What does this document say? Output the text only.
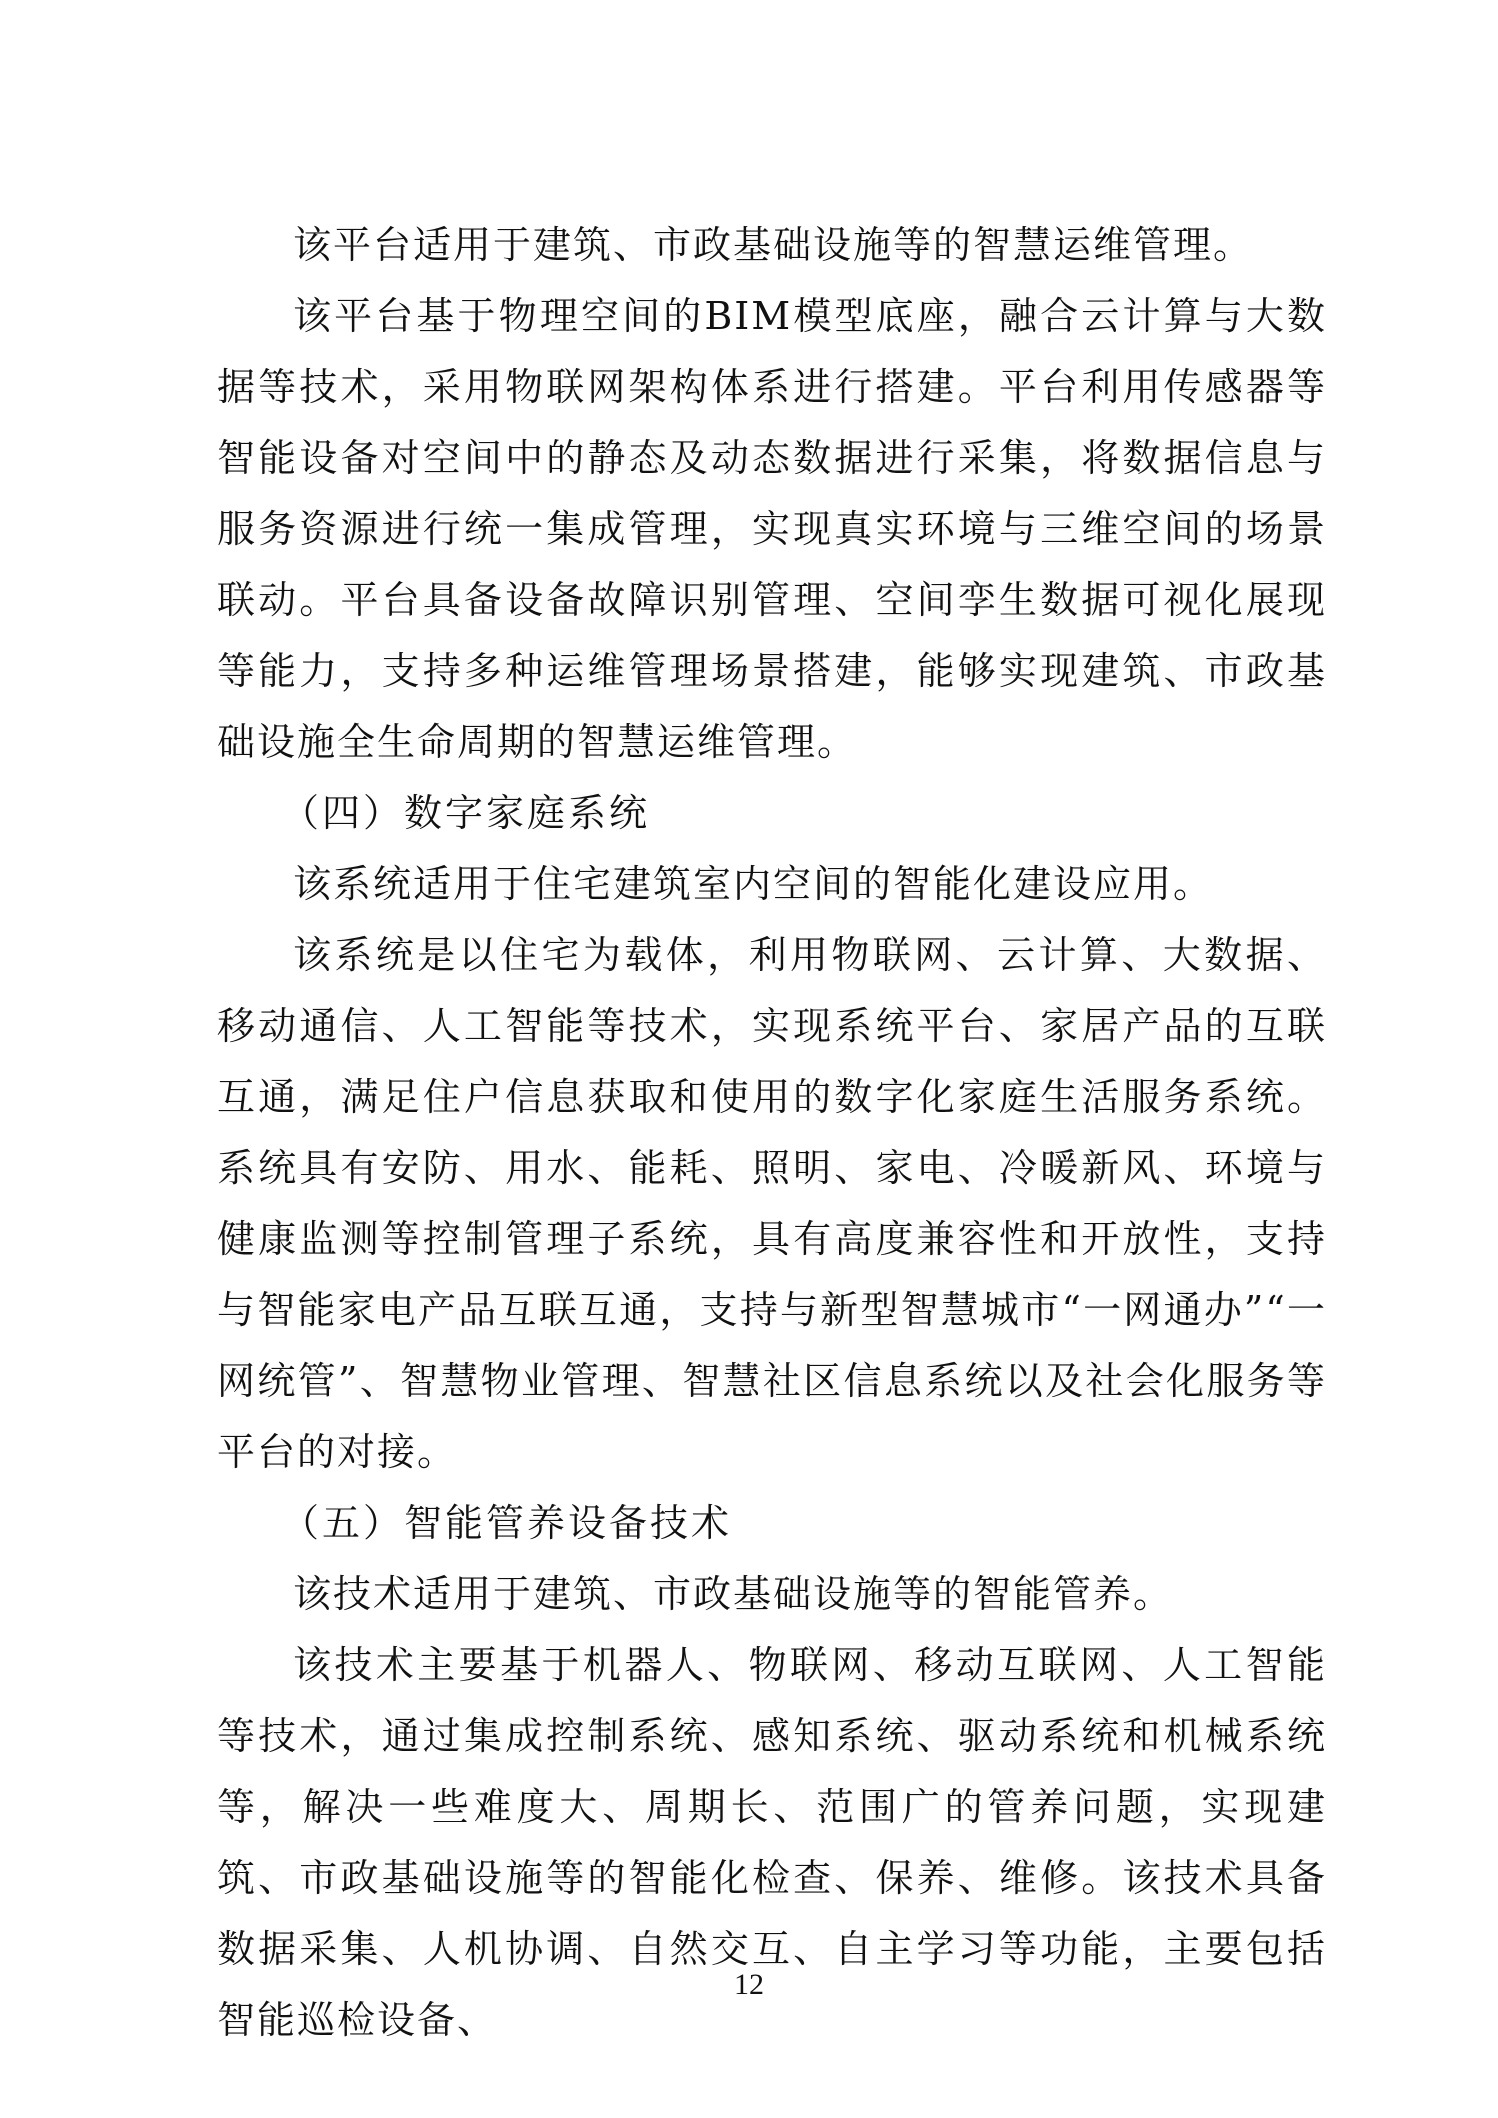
该平台适用于建筑、市政基础设施等的智慧运维管理。

该平台基于物理空间的BIM模型底座，融合云计算与大数据等技术，采用物联网架构体系进行搭建。平台利用传感器等智能设备对空间中的静态及动态数据进行采集，将数据信息与服务资源进行统一集成管理，实现真实环境与三维空间的场景联动。平台具备设备故障识别管理、空间孪生数据可视化展现等能力，支持多种运维管理场景搭建，能够实现建筑、市政基础设施全生命周期的智慧运维管理。

（四）数字家庭系统

该系统适用于住宅建筑室内空间的智能化建设应用。

该系统是以住宅为载体，利用物联网、云计算、大数据、移动通信、人工智能等技术，实现系统平台、家居产品的互联互通，满足住户信息获取和使用的数字化家庭生活服务系统。系统具有安防、用水、能耗、照明、家电、冷暖新风、环境与健康监测等控制管理子系统，具有高度兼容性和开放性，支持与智能家电产品互联互通，支持与新型智慧城市“一网通办”“一网统管”、智慧物业管理、智慧社区信息系统以及社会化服务等平台的对接。

（五）智能管养设备技术

该技术适用于建筑、市政基础设施等的智能管养。

该技术主要基于机器人、物联网、移动互联网、人工智能等技术，通过集成控制系统、感知系统、驱动系统和机械系统等，解决一些难度大、周期长、范围广的管养问题，实现建筑、市政基础设施等的智能化检查、保养、维修。该技术具备数据采集、人机协调、自然交互、自主学习等功能，主要包括智能巡检设备、

12
